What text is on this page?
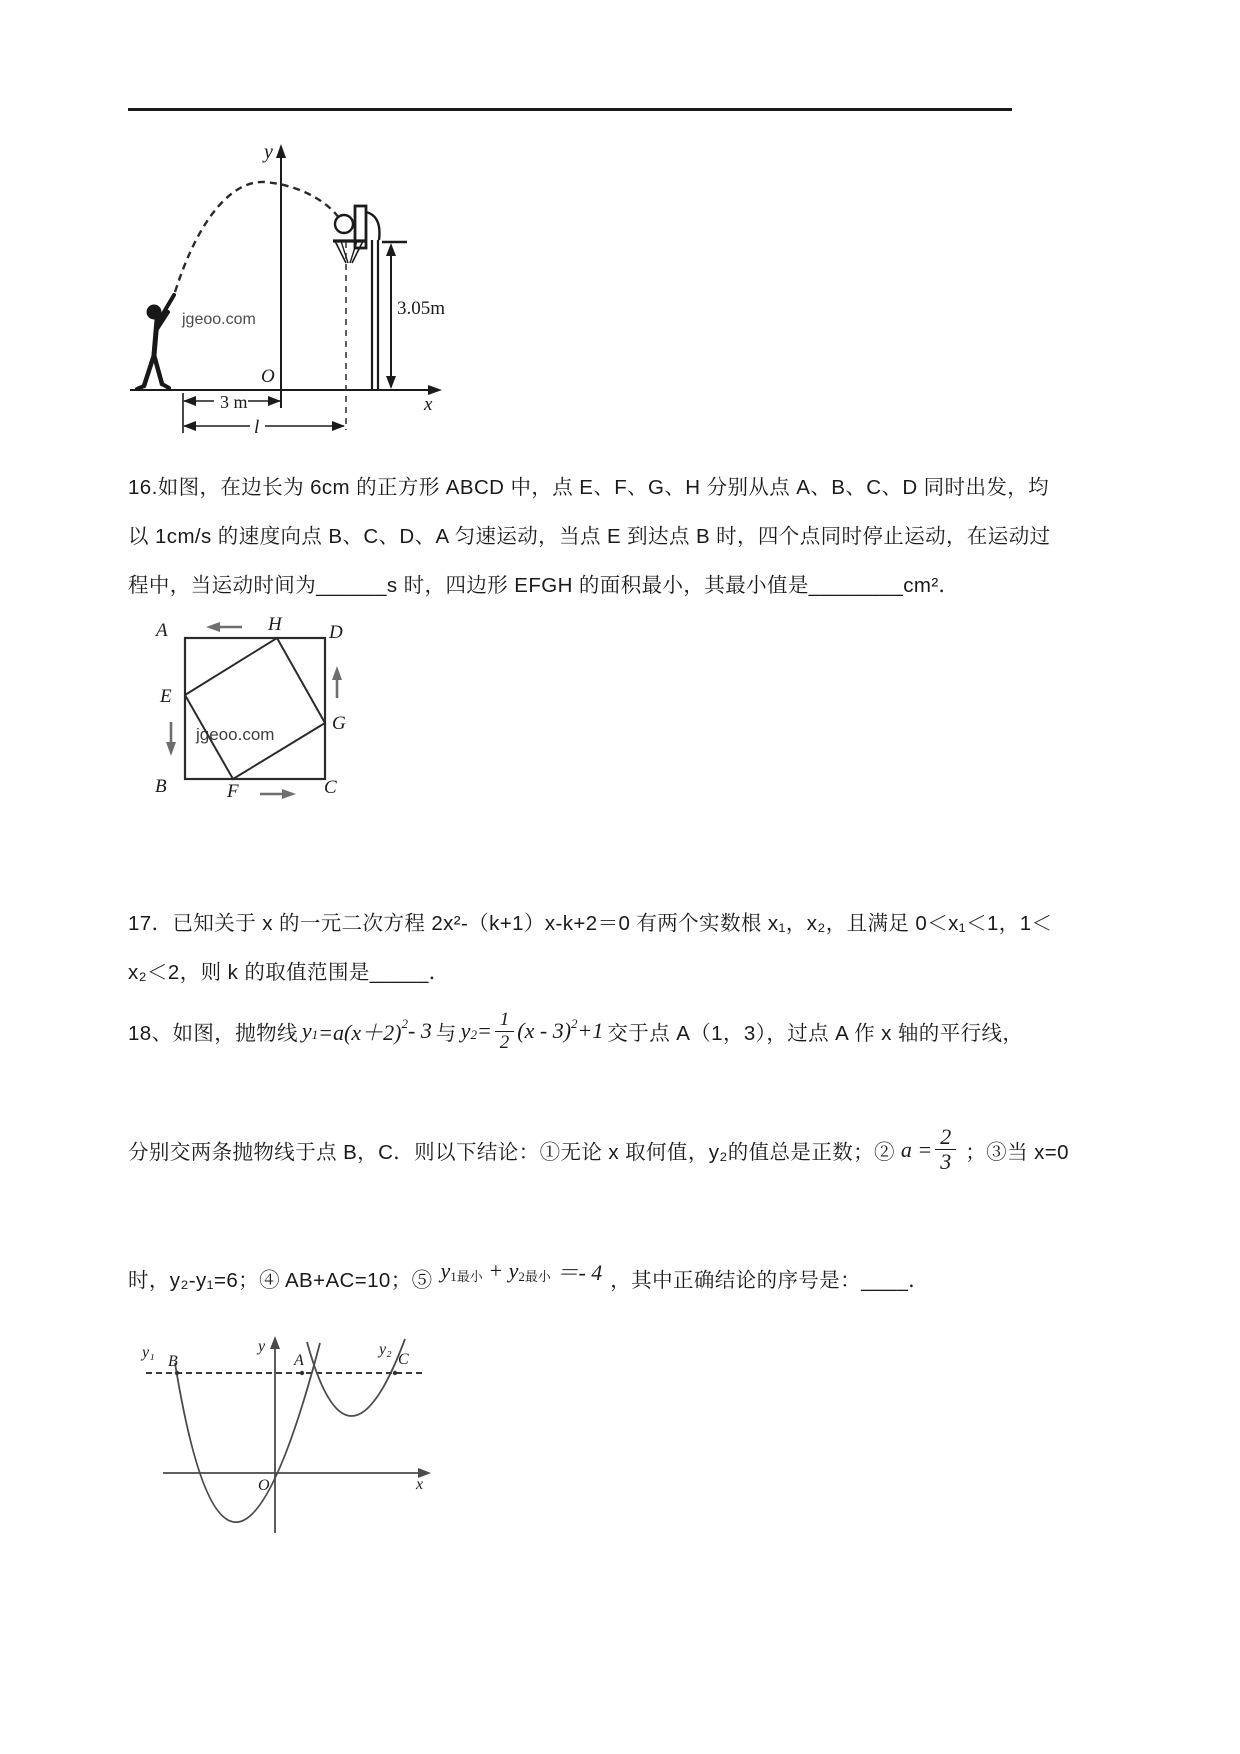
jgeoo.com
x
y
O
3.05m
3 m
l
16.如图，在边长为 6cm 的正方形 ABCD 中，点 E、F、G、H 分别从点 A、B、C、D 同时出发，均
以 1cm/s 的速度向点 B、C、D、A 匀速运动，当点 E 到达点 B 时，四个点同时停止运动，在运动过
程中，当运动时间为______s 时，四边形 EFGH 的面积最小，其最小值是________cm²．
jgeoo.com
A	H D
E
G
B	F	C
17．已知关于 x 的一元二次方程 2x²-（k+1）x-k+2＝0 有两个实数根 x₁，x₂，且满足 0＜x₁＜1，1＜
x₂＜2，则 k 的取值范围是_____．
18、如图，抛物线 y $1 =a(x+2)^2 - 3$ 与 y $2 = \frac{1}{2} (x - 3)^2 +1$ 交于点 A（1，3），过点 A 作 x 轴的平行线，
分别交两条抛物线于点 B，C．则以下结论：①无论 x 取何值，y₂的值总是正数；② a
= $\frac{2}{3}$ ；③当 x=0
时，y₂-y₁=6；④ AB+AC=10；⑤ y 1最小
+
y 2最小
＝- 4 ，其中正确结论的序号是：____．
y₁
B
y
A
y₂
C
O	x
